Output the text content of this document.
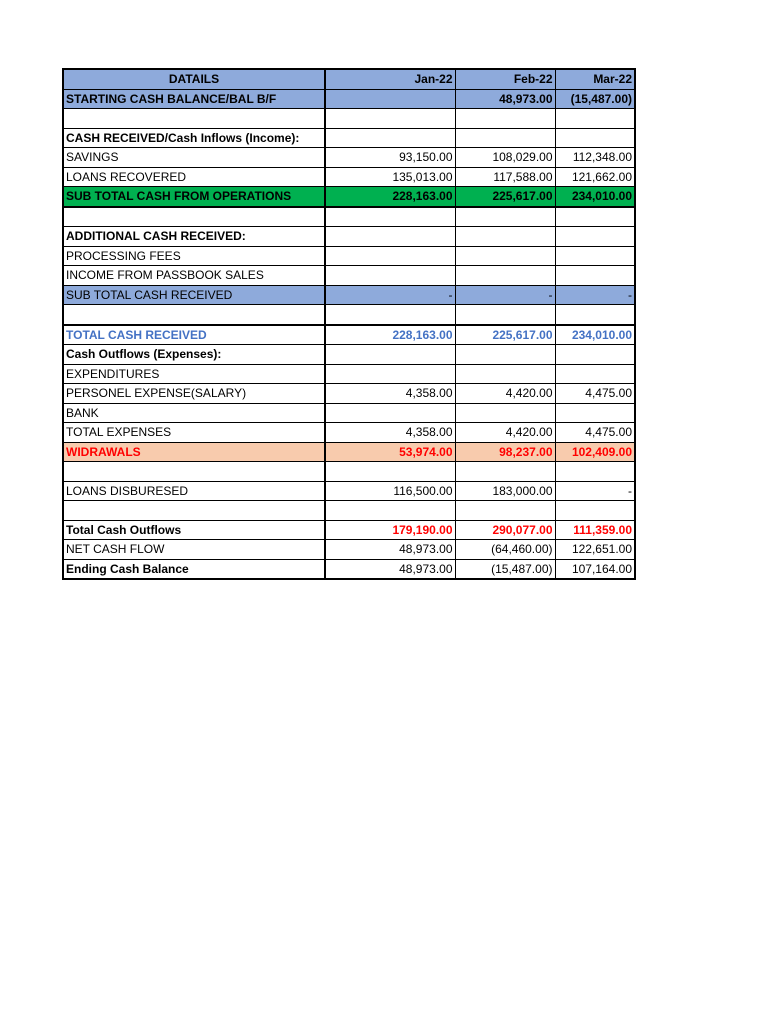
DATAILS	Jan-22	Feb-22	Mar-22
STARTING CASH BALANCE/BAL B/F		48,973.00	(15,487.00)

CASH RECEIVED/Cash Inflows (Income):			
SAVINGS	93,150.00	108,029.00	112,348.00
LOANS RECOVERED	135,013.00	117,588.00	121,662.00
SUB TOTAL CASH FROM OPERATIONS	228,163.00	225,617.00	234,010.00

ADDITIONAL CASH RECEIVED:			
PROCESSING FEES			
INCOME FROM PASSBOOK SALES			
SUB TOTAL CASH RECEIVED	-	-	-

TOTAL CASH RECEIVED	228,163.00	225,617.00	234,010.00
Cash Outflows (Expenses):			
EXPENDITURES			
PERSONEL EXPENSE(SALARY)	4,358.00	4,420.00	4,475.00
BANK			
TOTAL EXPENSES	4,358.00	4,420.00	4,475.00
WIDRAWALS	53,974.00	98,237.00	102,409.00

LOANS DISBURESED	116,500.00	183,000.00	-

Total Cash Outflows	179,190.00	290,077.00	111,359.00
NET CASH FLOW	48,973.00	(64,460.00)	122,651.00
Ending Cash Balance	48,973.00	(15,487.00)	107,164.00
